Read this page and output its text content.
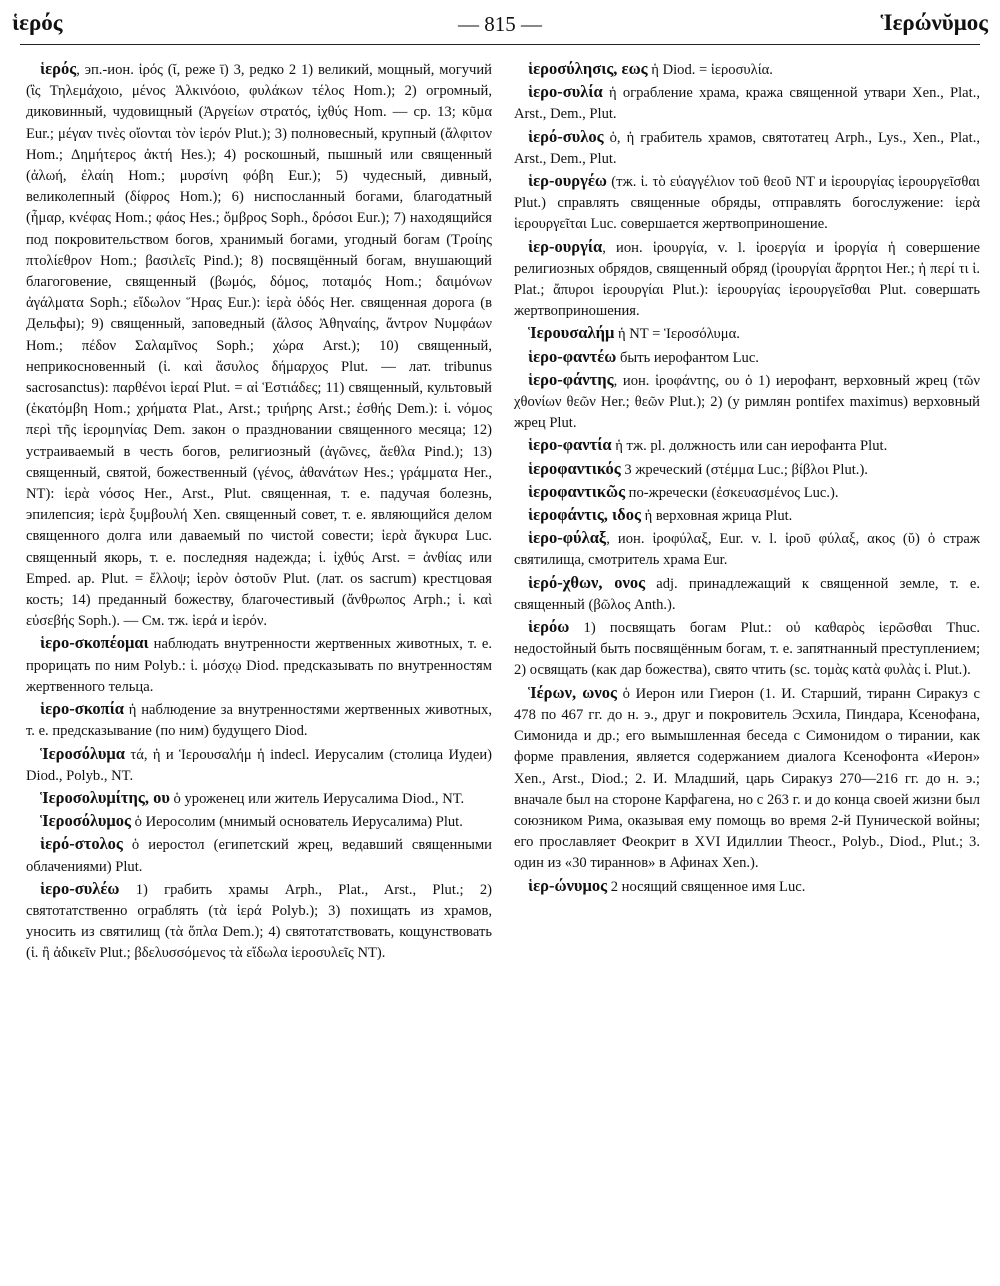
ἱερός	— 815 —	Ἱερώνῠμος

ἱερός, эп.-ион. ἱρός (ῐ, реже ῑ) 3, редко 2 1) великий, мощный, могучий (ἲς Τηλεμάχοιο, μένος Ἀλκινόοιο, φυλάκων τέλος Hom.); 2) огромный, диковинный, чудовищный (Ἀργείων στρατός, ἰχθύς Hom. — ср. 13; κῦμα Eur.; μέγαν τινὲς οἴονται τὸν ἱερόν Plut.); 3) полновесный, крупный (ἄλφιτον Hom.; Δημήτερος ἀκτή Hes.); 4) роскошный, пышный или священный (ἀλωή, ἐλαίη Hom.; μυρσίνη φόβη Eur.); 5) чудесный, дивный, великолепный (δίφρος Hom.); 6) ниспосланный богами, благодатный (ἦμαρ, κνέφας Hom.; φάος Hes.; ὄμβρος Soph., δρόσοι Eur.); 7) находящийся под покровительством богов, хранимый богами, угодный богам (Τροίης πτολίεθρον Hom.; βασιλεῖς Pind.); 8) посвящённый богам, внушающий благоговение, священный (βωμός, δόμος, ποταμός Hom.; δαιμόνων ἀγάλματα Soph.; εἴδωλον Ἥρας Eur.): ἱερὰ ὁδός Her. священная дорога (в Дельфы); 9) священный, заповедный (ἄλσος Ἀθηναίης, ἄντρον Νυμφάων Hom.; πέδον Σαλαμῖνος Soph.; χώρα Arst.); 10) священный, неприкосновенный (ἱ. καὶ ἄσυλος δήμαρχος Plut. — лат. tribunus sacrosanctus): παρθένοι ἱεραί Plut. = αἱ Ἑστιάδες; 11) священный, культовый (ἑκατόμβη Hom.; χρήματα Plat., Arst.; τριήρης Arst.; ἐσθής Dem.): ἱ. νόμος περὶ τῆς ἱερομηνίας Dem. закон о праздновании священного месяца; 12) устраиваемый в честь богов, религиозный (ἀγῶνες, ἄεθλα Pind.); 13) священный, святой, божественный (γένος, ἀθανάτων Hes.; γράμματα Her., NT): ἱερὰ νόσος Her., Arst., Plut. священная, т. е. падучая болезнь, эпилепсия; ἱερὰ ξυμβουλή Xen. священный совет, т. е. являющийся делом священного долга или даваемый по чистой совести; ἱερὰ ἄγκυρα Luc. священный якорь, т. е. последняя надежда; ἱ. ἰχθύς Arst. = ἀνθίας или Emped. ap. Plut. = ἔλλοψ; ἱερὸν ὀστοῦν Plut. (лат. os sacrum) крестцовая кость; 14) преданный божеству, благочестивый (ἄνθρωπος Arph.; ἱ. καὶ εὐσεβής Soph.). — См. тж. ἱερά и ἱερόν.

ἱερο-σκοπέομαι наблюдать внутренности жертвенных животных, т. е. прорицать по ним Polyb.: ἱ. μόσχῳ Diod. предсказывать по внутренностям жертвенного тельца.

ἱερο-σκοπία ἡ наблюдение за внутренностями жертвенных животных, т. е. предсказывание (по ним) будущего Diod.

Ἱεροσόλυμα τά, ἡ и Ἱερουσαλήμ ἡ indecl. Иерусалим (столица Иудеи) Diod., Polyb., NT.

Ἱεροσολυμίτης, ου ὁ уроженец или житель Иерусалима Diod., NT.

Ἱεροσόλυμος ὁ Иеросолим (мнимый основатель Иерусалима) Plut.

ἱερό-στολος ὁ иеростол (египетский жрец, ведавший священными облачениями) Plut.

ἱερο-συλέω 1) грабить храмы Arph., Plat., Arst., Plut.; 2) святотатственно ограблять (τὰ ἱερά Polyb.); 3) похищать из храмов, уносить из святилищ (τὰ ὅπλα Dem.); 4) святотатствовать, кощунствовать (ἱ. ἢ ἀδικεῖν Plut.; βδελυσσόμενος τὰ εἴδωλα ἱεροσυλεῖς NT).

ἱεροσύλησις, εως ἡ Diod. = ἱεροσυλία.

ἱερο-συλία ἡ ограбление храма, кража священной утвари Xen., Plat., Arst., Dem., Plut.

ἱερό-συλος ὁ, ἡ грабитель храмов, святотатец Arph., Lys., Xen., Plat., Arst., Dem., Plut.

ἱερ-ουργέω (тж. ἱ. τὸ εὐαγγέλιον τοῦ θεοῦ NT и ἱερουργίας ἱερουργεῖσθαι Plut.) справлять священные обряды, отправлять богослужение: ἱερὰ ἱερουργεῖται Luc. совершается жертвоприношение.

ἱερ-ουργία, ион. ἱρουργία, v. l. ἱροεργία и ἱροργία ἡ совершение религиозных обрядов, священный обряд (ἱρουργίαι ἄρρητοι Her.; ἡ περί τι ἱ. Plat.; ἄπυροι ἱερουργίαι Plut.): ἱερουργίας ἱερουργεῖσθαι Plut. совершать жертвоприношения.

Ἱερουσαλήμ ἡ NT = Ἱεροσόλυμα.

ἱερο-φαντέω быть иерофантом Luc.

ἱερο-φάντης, ион. ἱροφάντης, ου ὁ 1) иерофант, верховный жрец (τῶν χθονίων θεῶν Her.; θεῶν Plut.); 2) (у римлян pontifex maximus) верховный жрец Plut.

ἱερο-φαντία ἡ тж. pl. должность или сан иерофанта Plut.

ἱεροφαντικός 3 жреческий (στέμμα Luc.; βίβλοι Plut.).

ἱεροφαντικῶς по-жречески (ἐσκευασμένος Luc.).

ἱεροφάντις, ιδος ἡ верховная жрица Plut.

ἱερο-φύλαξ, ион. ἱροφύλαξ, Eur. v. l. ἱροῦ φύλαξ, ακος (ῠ) ὁ страж святилища, смотритель храма Eur.

ἱερό-χθων, ονος adj. принадлежащий к священной земле, т. е. священный (βῶλος Anth.).

ἱερόω 1) посвящать богам Plut.: οὐ καθαρὸς ἱερῶσθαι Thuc. недостойный быть посвящённым богам, т. е. запятнанный преступлением; 2) освящать (как дар божества), свято чтить (sc. τομὰς κατὰ φυλὰς ἱ. Plut.).

Ἱέρων, ωνος ὁ Иерон или Гиерон (1. И. Старший, тиранн Сиракуз с 478 по 467 гг. до н. э., друг и покровитель Эсхила, Пиндара, Ксенофана, Симонида и др.; его вымышленная беседа с Симонидом о тирании, как форме правления, является содержанием диалога Ксенофонта «Иерон» Xen., Arst., Diod.; 2. И. Младший, царь Сиракуз 270—216 гг. до н. э.; вначале был на стороне Карфагена, но с 263 г. и до конца своей жизни был союзником Рима, оказывая ему помощь во время 2-й Пунической войны; его прославляет Феокрит в XVI Идиллии Theocr., Polyb., Diod., Plut.; 3. один из «30 тираннов» в Афинах Xen.).

ἱερ-ώνυμος 2 носящий священное имя Luc.
